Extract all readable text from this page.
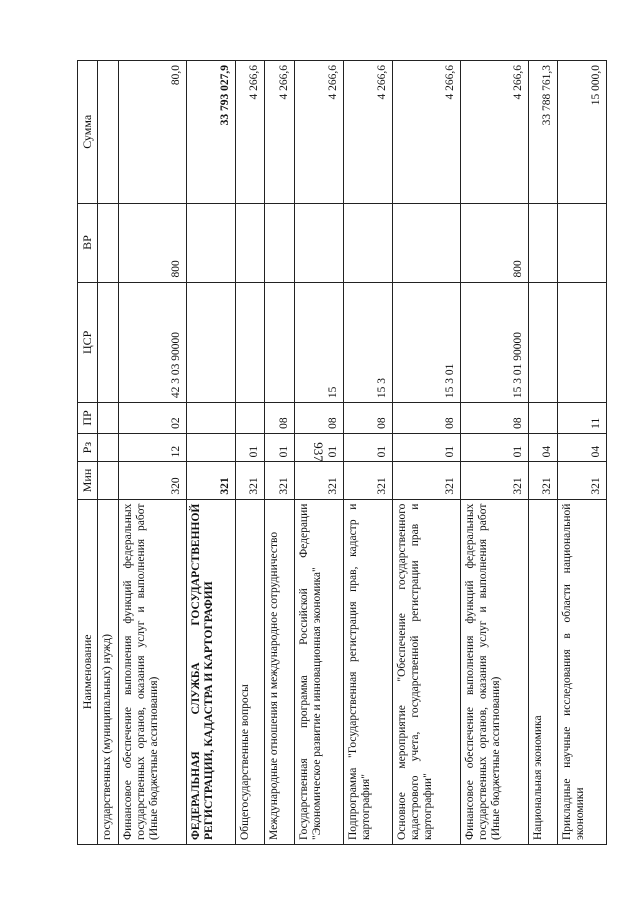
937
Наименование	Мин	Рз	ПР	ЦСР	ВР	Сумма
государственных (муниципальных) нужд)						
Финансовое обеспечение выполнения функций федеральных государственных органов, оказания услуг и выполнения работ (Иные бюджетные ассигнования)	320	12	02	42 3 03 90000	800	80,0
ФЕДЕРАЛЬНАЯ СЛУЖБА ГОСУДАРСТВЕННОЙ РЕГИСТРАЦИИ, КАДАСТРА И КАРТОГРАФИИ	321					33 793 027,9
Общегосударственные вопросы	321	01				4 266,6
Международные отношения и международное сотрудничество	321	01	08			4 266,6
Государственная программа Российской Федерации "Экономическое развитие и инновационная экономика"	321	01	08	15		4 266,6
Подпрограмма "Государственная регистрация прав, кадастр и картография"	321	01	08	15 3		4 266,6
Основное мероприятие "Обеспечение государственного кадастрового учета, государственной регистрации прав и картографии"	321	01	08	15 3 01		4 266,6
Финансовое обеспечение выполнения функций федеральных государственных органов, оказания услуг и выполнения работ (Иные бюджетные ассигнования)	321	01	08	15 3 01 90000	800	4 266,6
Национальная экономика	321	04				33 788 761,3
Прикладные научные исследования в области национальной экономики	321	04	11			15 000,0
